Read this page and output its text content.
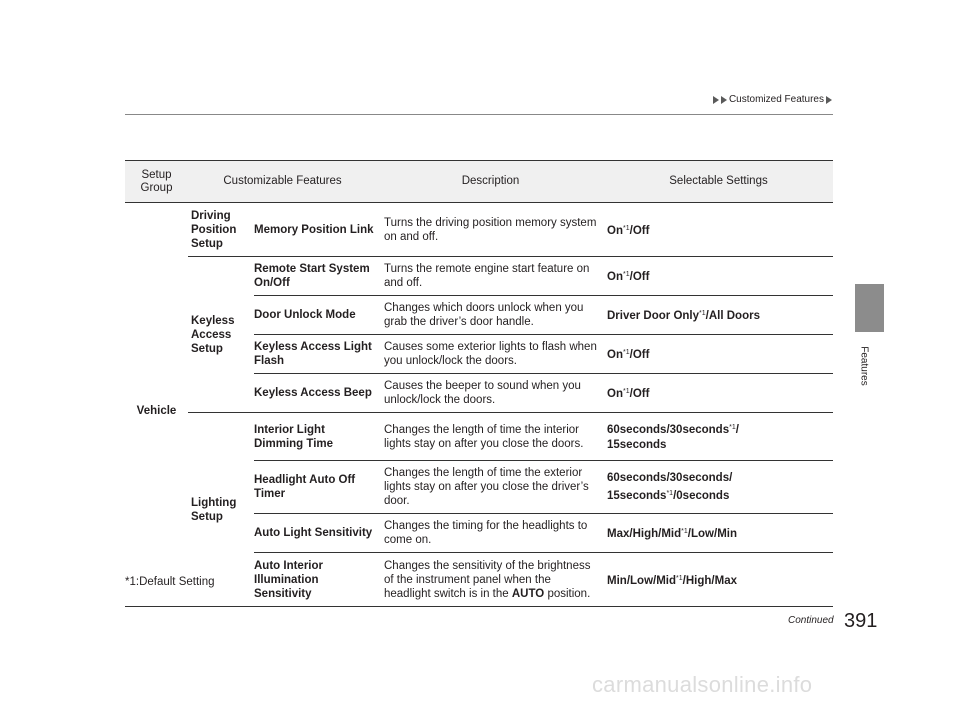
Customized Features
Features
Setup Group	Customizable Features		Description	Selectable Settings
Vehicle	Driving Position Setup	Memory Position Link	Turns the driving position memory system on and off.	On$^{*1}$/Off
	Keyless Access Setup	Remote Start System On/Off	Turns the remote engine start feature on and off.	On$^{*1}$/Off
		Door Unlock Mode	Changes which doors unlock when you grab the driver’s door handle.	Driver Door Only$^{*1}$/All Doors
		Keyless Access Light Flash	Causes some exterior lights to flash when you unlock/lock the doors.	On$^{*1}$/Off
		Keyless Access Beep	Causes the beeper to sound when you unlock/lock the doors.	On$^{*1}$/Off
	Lighting Setup	Interior Light Dimming Time	Changes the length of time the interior lights stay on after you close the doors.	60seconds/30seconds$^{*1}$/
15seconds
		Headlight Auto Off Timer	Changes the length of time the exterior lights stay on after you close the driver’s door.	60seconds/30seconds/
15seconds$^{*1}$/0seconds
		Auto Light Sensitivity	Changes the timing for the headlights to come on.	Max/High/Mid$^{*1}$/Low/Min
		Auto Interior Illumination Sensitivity	Changes the sensitivity of the brightness of the instrument panel when the headlight switch is in the AUTO position.	Min/Low/Mid$^{*1}$/High/Max
*1:Default Setting
Continued 391
carmanualsonline.info
